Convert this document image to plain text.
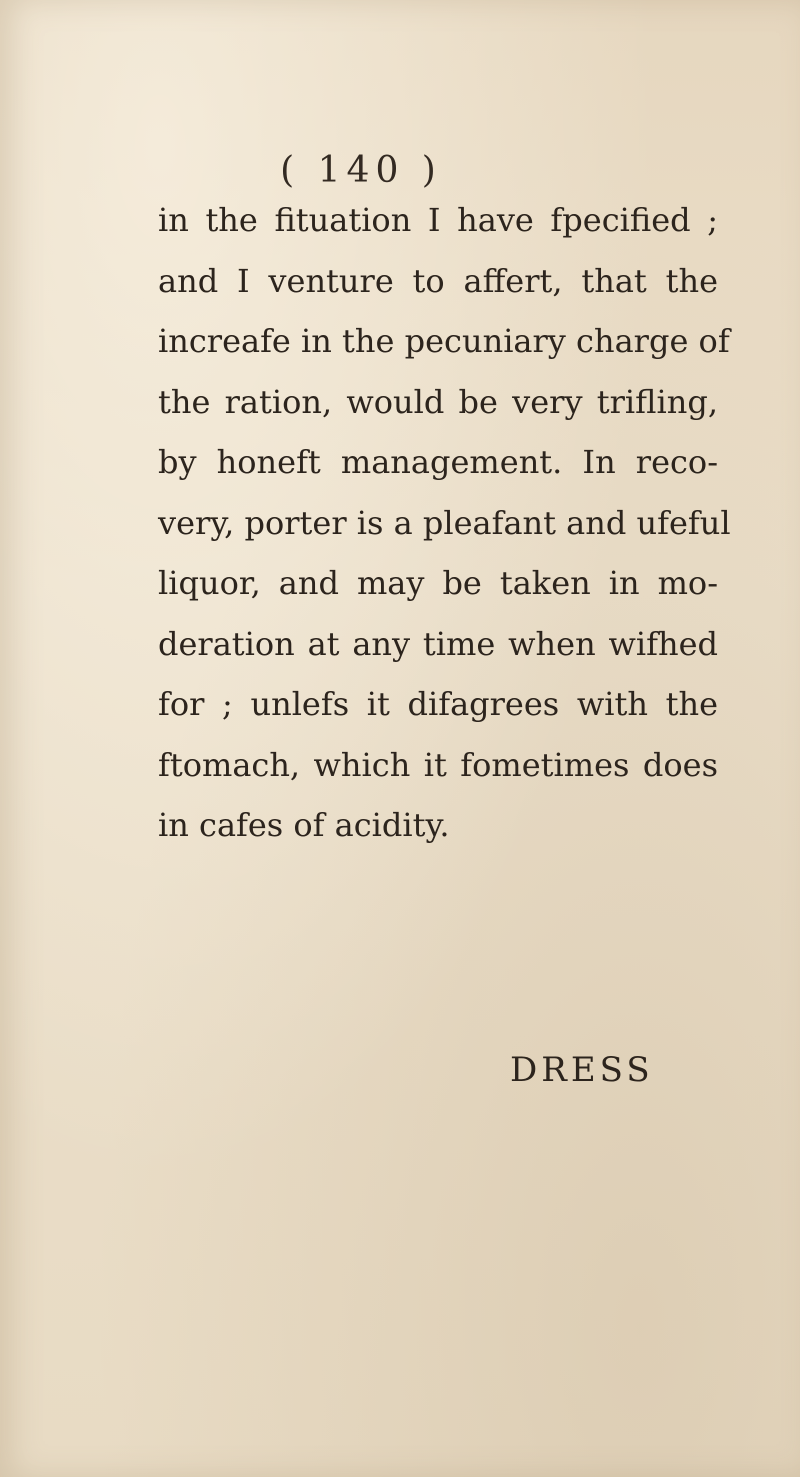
( 140 )
in the fituation I have fpecified ;
and I venture to affert, that the
increafe in the pecuniary charge of
the ration, would be very trifling,
by honeft management. In reco-
very, porter is a pleafant and ufeful
liquor, and may be taken in mo-
deration at any time when wifhed
for ; unlefs it difagrees with the
ftomach, which it fometimes does
in cafes of acidity.
DRESS
